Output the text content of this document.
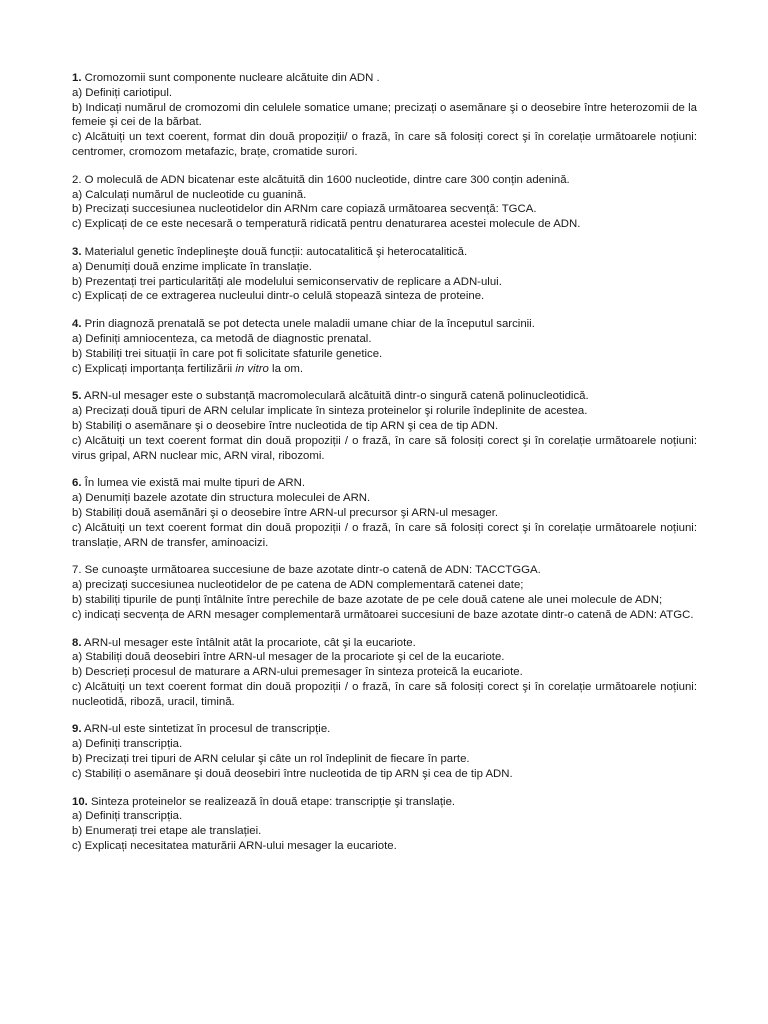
1. Cromozomii sunt componente nucleare alcătuite din ADN .

a) Definiți cariotipul.

b) Indicați numărul de cromozomi din celulele somatice umane; precizați o asemănare şi o deosebire între heterozomii de la femeie şi cei de la bărbat.

c) Alcătuiți un text coerent, format din două propoziții/ o frază, în care să folosiți corect şi în corelație următoarele noțiuni: centromer, cromozom metafazic, brațe, cromatide surori.

2. O moleculă de ADN bicatenar este alcătuită din 1600 nucleotide, dintre care 300 conțin adenină.

a) Calculați numărul de nucleotide cu guanină.

b) Precizați succesiunea nucleotidelor din ARNm care copiază următoarea secvență: TGCA.

c) Explicați de ce este necesară o temperatură ridicată pentru denaturarea acestei molecule de ADN.

3. Materialul genetic îndeplineşte două funcții: autocatalitică şi heterocatalitică.

a) Denumiți două enzime implicate în translație.

b) Prezentați trei particularități ale modelului semiconservativ de replicare a ADN-ului.

c) Explicați de ce extragerea nucleului dintr-o celulă stopează sinteza de proteine.

4. Prin diagnoză prenatală se pot detecta unele maladii umane chiar de la începutul sarcinii.

a) Definiți amniocenteza, ca metodă de diagnostic prenatal.

b) Stabiliți trei situații în care pot fi solicitate sfaturile genetice.

c) Explicați importanța fertilizării in vitro la om.

5. ARN-ul mesager este o substanță macromoleculară alcătuită dintr-o singură catenă polinucleotidică.

a) Precizați două tipuri de ARN celular implicate în sinteza proteinelor şi rolurile îndeplinite de acestea.

b) Stabiliți o asemănare şi o deosebire între nucleotida de tip ARN şi cea de tip ADN.

c) Alcătuiți un text coerent format din două propoziții / o frază, în care să folosiți corect şi în corelație următoarele noțiuni: virus gripal, ARN nuclear mic, ARN viral, ribozomi.

6. În lumea vie există mai multe tipuri de ARN.

a) Denumiți bazele azotate din structura moleculei de ARN.

b) Stabiliți două asemănări şi o deosebire între ARN-ul precursor şi ARN-ul mesager.

c) Alcătuiți un text coerent format din două propoziții / o frază, în care să folosiți corect şi în corelație următoarele noțiuni: translație, ARN de transfer, aminoacizi.

7. Se cunoaşte următoarea succesiune de baze azotate dintr-o catenă de ADN: TACCTGGA.

a) precizați succesiunea nucleotidelor de pe catena de ADN complementară catenei date;

b) stabiliți tipurile de punți întâlnite între perechile de baze azotate de pe cele două catene ale unei molecule de ADN;

c) indicați secvența de ARN mesager complementară următoarei succesiuni de baze azotate dintr-o catenă de ADN: ATGC.

8. ARN-ul mesager este întâlnit atât la procariote, cât şi la eucariote.

a) Stabiliți două deosebiri între ARN-ul mesager de la procariote şi cel de la eucariote.

b) Descrieți procesul de maturare a ARN-ului premesager în sinteza proteică la eucariote.

c) Alcătuiți un text coerent format din două propoziții / o frază, în care să folosiți corect şi în corelație următoarele noțiuni: nucleotidă, riboză, uracil, timină.

9. ARN-ul este sintetizat în procesul de transcripție.

a) Definiți transcripția.

b) Precizați trei tipuri de ARN celular şi câte un rol îndeplinit de fiecare în parte.

c) Stabiliți o asemănare şi două deosebiri între nucleotida de tip ARN şi cea de tip ADN.

10. Sinteza proteinelor se realizează în două etape: transcripție şi translație.

a) Definiți transcripția.

b) Enumerați trei etape ale translației.

c) Explicați necesitatea maturării ARN-ului mesager la eucariote.
